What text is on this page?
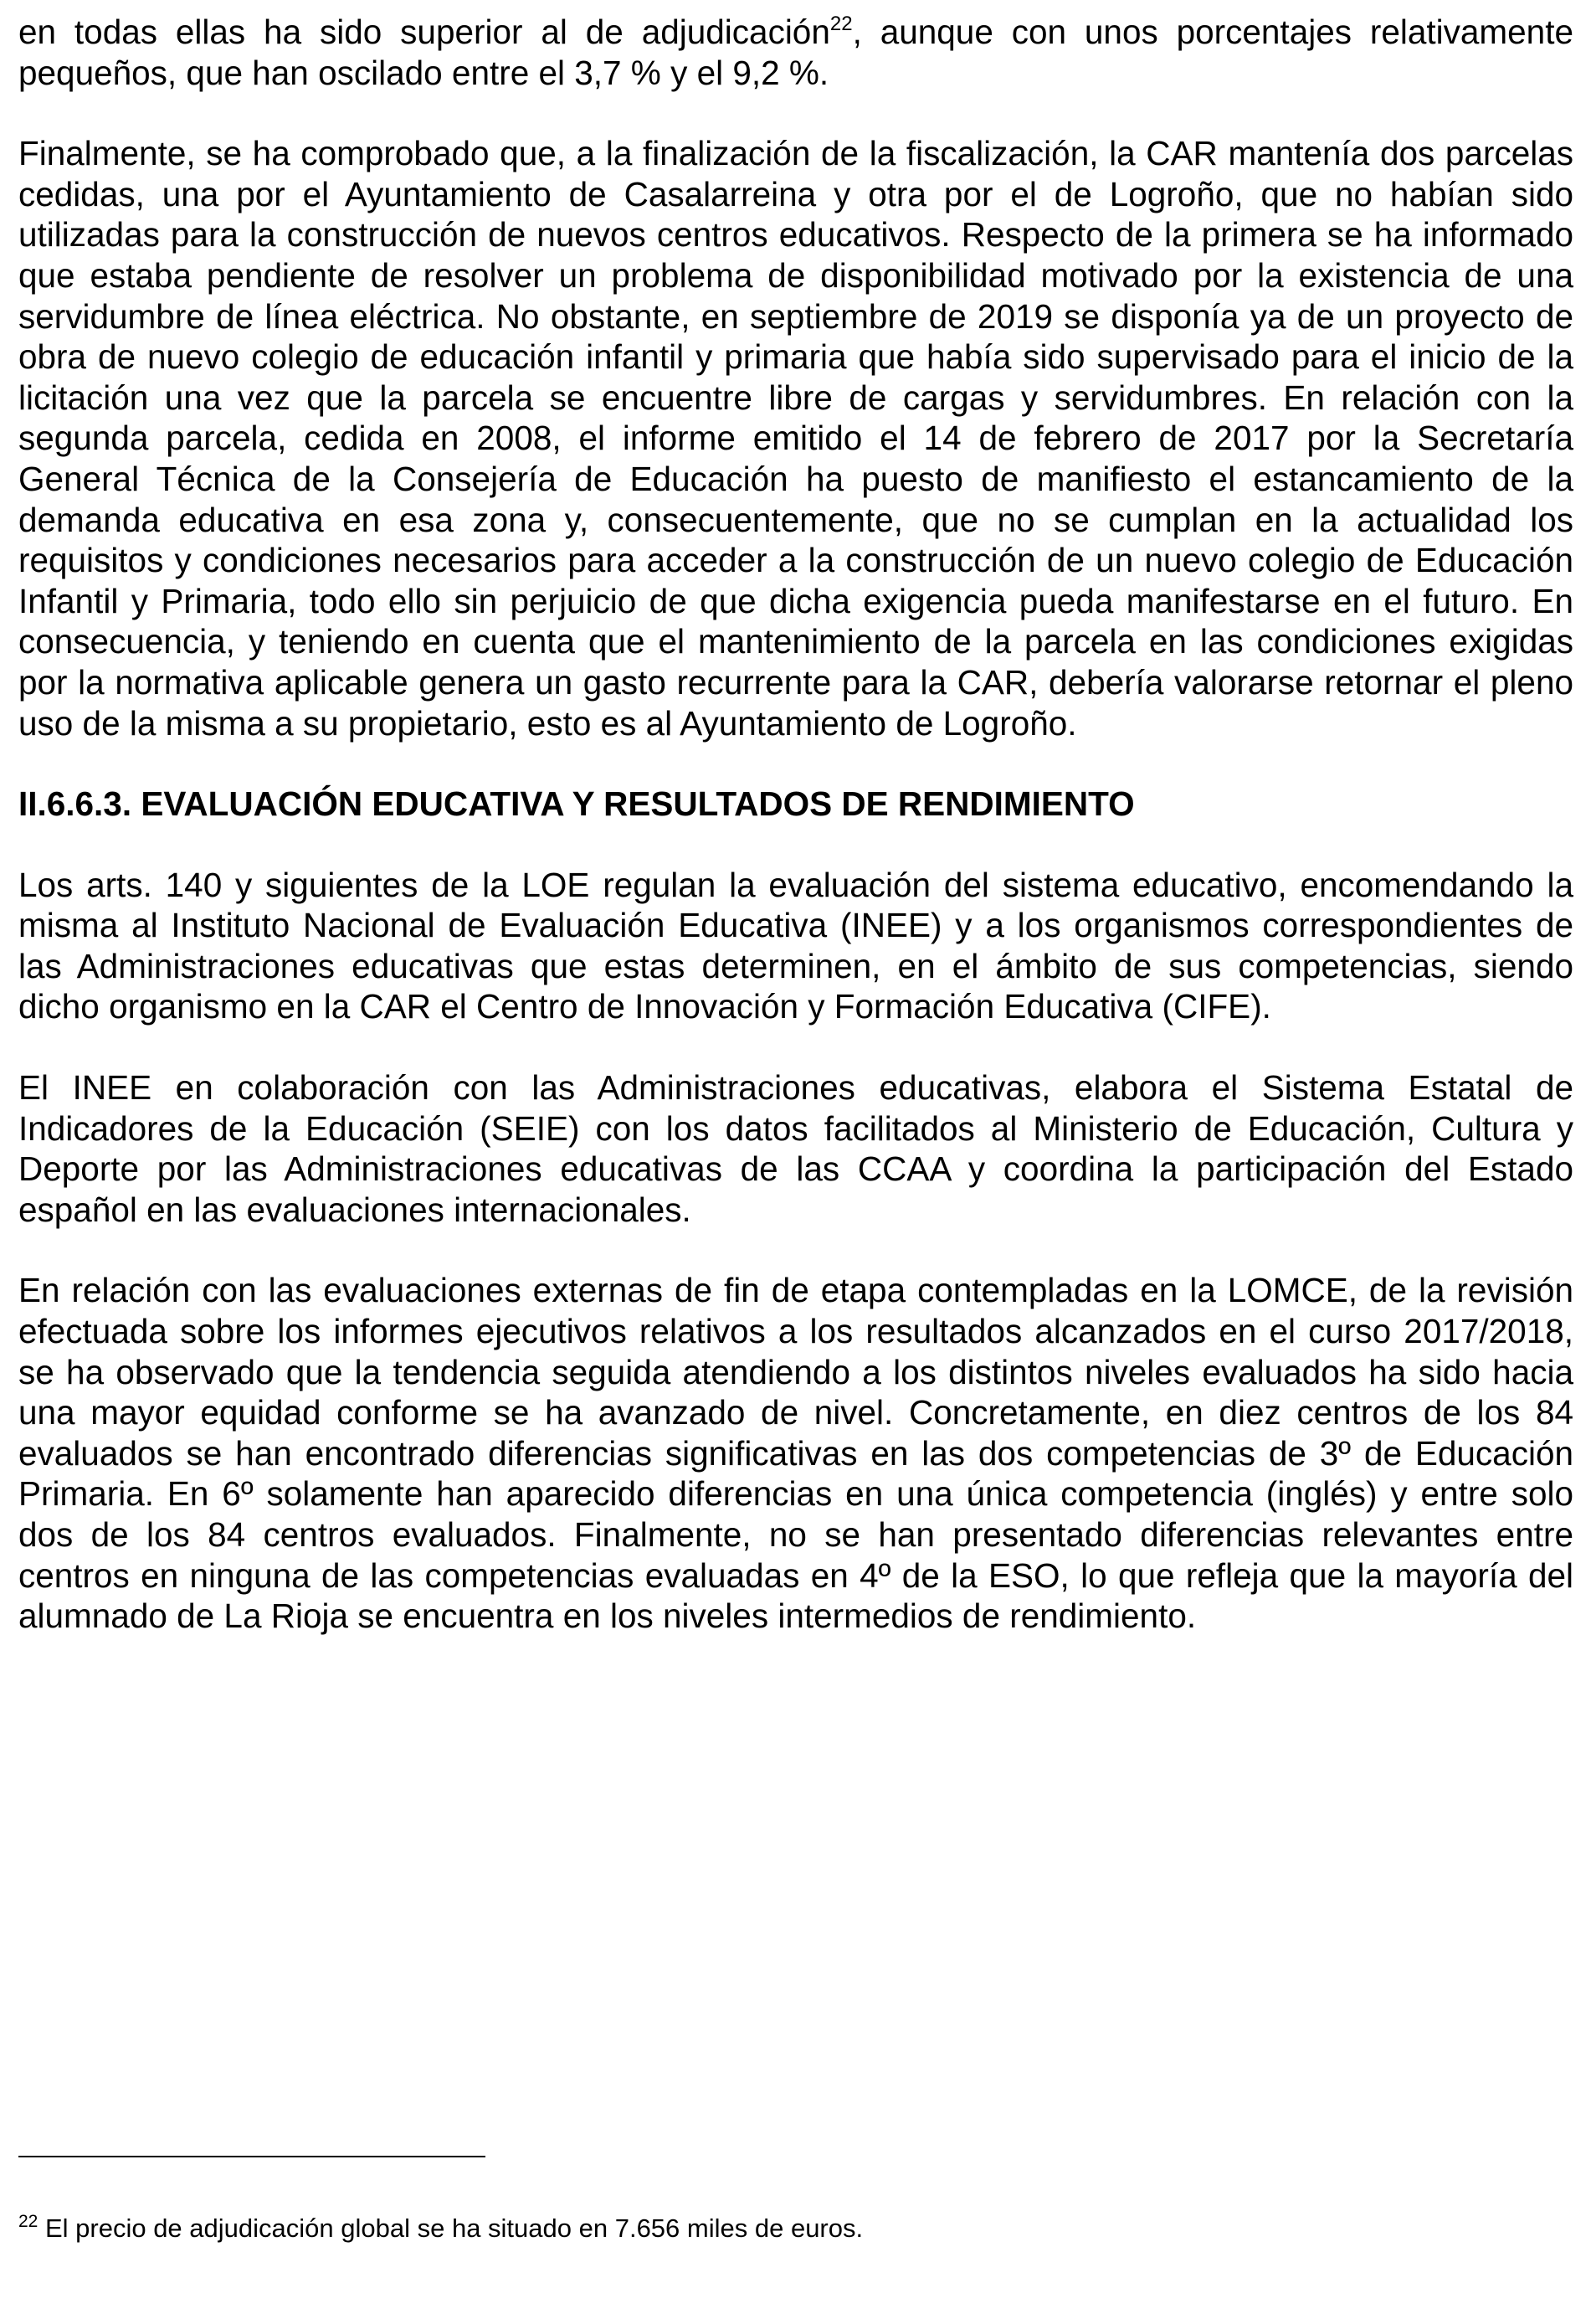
en todas ellas ha sido superior al de adjudicación$^{22}$, aunque con unos porcentajes relativamente pequeños, que han oscilado entre el 3,7 % y el 9,2 %.

Finalmente, se ha comprobado que, a la finalización de la fiscalización, la CAR mantenía dos parcelas cedidas, una por el Ayuntamiento de Casalarreina y otra por el de Logroño, que no habían sido utilizadas para la construcción de nuevos centros educativos. Respecto de la primera se ha informado que estaba pendiente de resolver un problema de disponibilidad motivado por la existencia de una servidumbre de línea eléctrica. No obstante, en septiembre de 2019 se disponía ya de un proyecto de obra de nuevo colegio de educación infantil y primaria que había sido supervisado para el inicio de la licitación una vez que la parcela se encuentre libre de cargas y servidumbres. En relación con la segunda parcela, cedida en 2008, el informe emitido el 14 de febrero de 2017 por la Secretaría General Técnica de la Consejería de Educación ha puesto de manifiesto el estancamiento de la demanda educativa en esa zona y, consecuentemente, que no se cumplan en la actualidad los requisitos y condiciones necesarios para acceder a la construcción de un nuevo colegio de Educación Infantil y Primaria, todo ello sin perjuicio de que dicha exigencia pueda manifestarse en el futuro. En consecuencia, y teniendo en cuenta que el mantenimiento de la parcela en las condiciones exigidas por la normativa aplicable genera un gasto recurrente para la CAR, debería valorarse retornar el pleno uso de la misma a su propietario, esto es al Ayuntamiento de Logroño.

II.6.6.3. EVALUACIÓN EDUCATIVA Y RESULTADOS DE RENDIMIENTO

Los arts. 140 y siguientes de la LOE regulan la evaluación del sistema educativo, encomendando la misma al Instituto Nacional de Evaluación Educativa (INEE) y a los organismos correspondientes de las Administraciones educativas que estas determinen, en el ámbito de sus competencias, siendo dicho organismo en la CAR el Centro de Innovación y Formación Educativa (CIFE).

El INEE en colaboración con las Administraciones educativas, elabora el Sistema Estatal de Indicadores de la Educación (SEIE) con los datos facilitados al Ministerio de Educación, Cultura y Deporte por las Administraciones educativas de las CCAA y coordina la participación del Estado español en las evaluaciones internacionales.

En relación con las evaluaciones externas de fin de etapa contempladas en la LOMCE, de la revisión efectuada sobre los informes ejecutivos relativos a los resultados alcanzados en el curso 2017/2018, se ha observado que la tendencia seguida atendiendo a los distintos niveles evaluados ha sido hacia una mayor equidad conforme se ha avanzado de nivel. Concretamente, en diez centros de los 84 evaluados se han encontrado diferencias significativas en las dos competencias de 3º de Educación Primaria. En 6º solamente han aparecido diferencias en una única competencia (inglés) y entre solo dos de los 84 centros evaluados. Finalmente, no se han presentado diferencias relevantes entre centros en ninguna de las competencias evaluadas en 4º de la ESO, lo que refleja que la mayoría del alumnado de La Rioja se encuentra en los niveles intermedios de rendimiento.

$^{22}$ El precio de adjudicación global se ha situado en 7.656 miles de euros.
